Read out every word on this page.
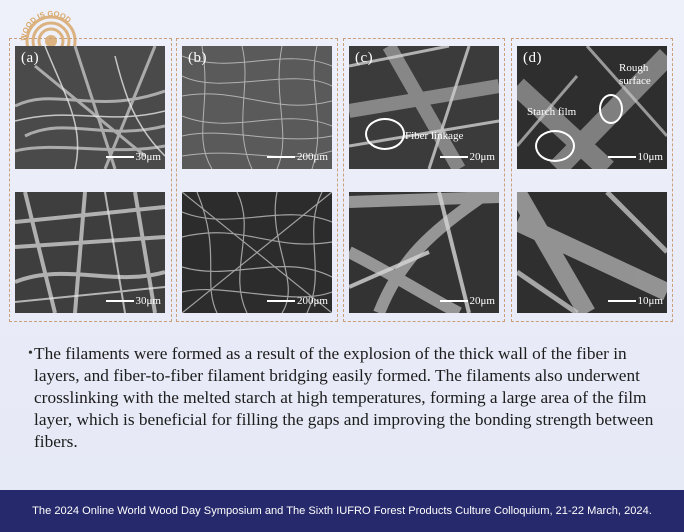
WOOD IS GOOD
(a)
30μm
30μm
(b)
200μm
200μm
(c)
Fiber linkage
20μm
20μm
(d)
Rough surface
Starch film
10μm
10μm
• The filaments were formed as a result of the explosion of the thick wall of the fiber in layers, and fiber-to-fiber filament bridging easily formed. The filaments also underwent crosslinking with the melted starch at high temperatures, forming a large area of the film layer, which is beneficial for filling the gaps and improving the bonding strength between fibers.
The 2024 Online World Wood Day Symposium and The Sixth IUFRO Forest Products Culture Colloquium, 21-22 March, 2024.
